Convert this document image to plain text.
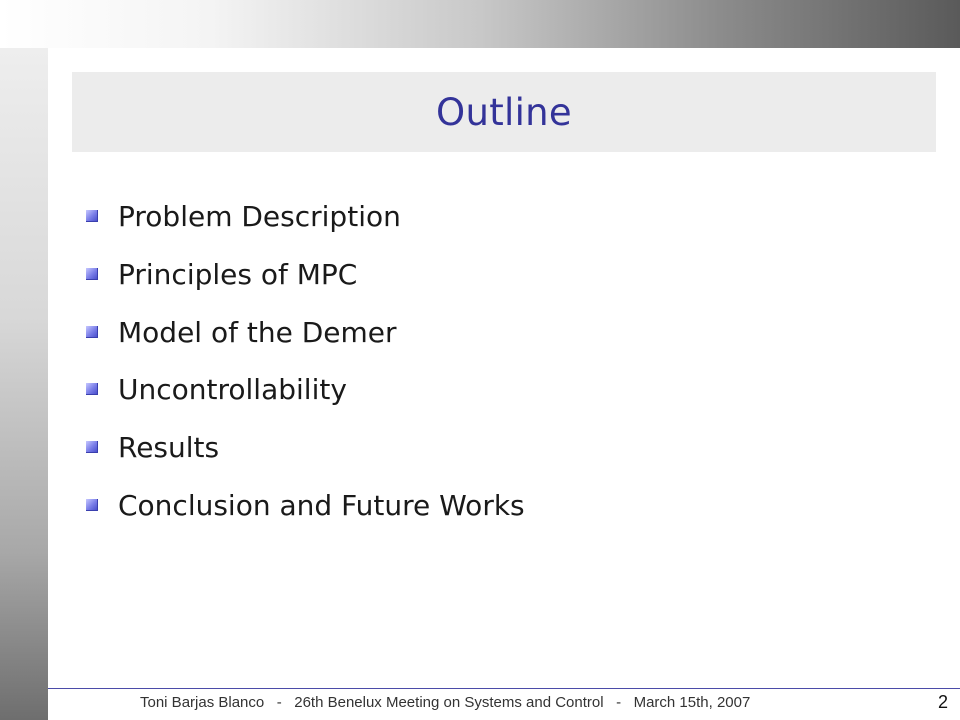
Outline
Problem Description
Principles of MPC
Model of the Demer
Uncontrollability
Results
Conclusion and Future Works
Toni Barjas Blanco   -   26th Benelux Meeting on Systems and Control   -   March 15th, 2007	2
